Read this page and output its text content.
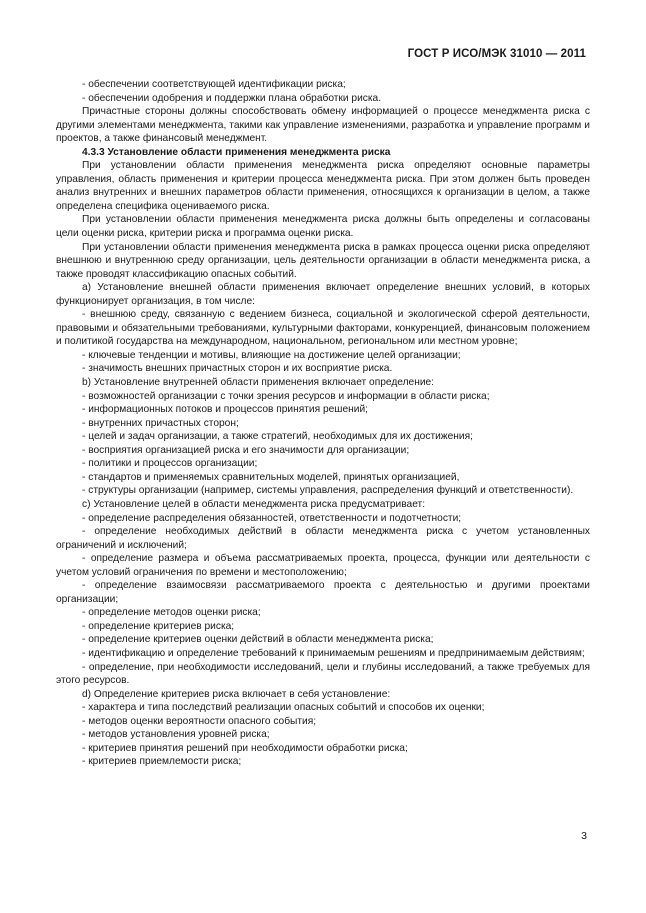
ГОСТ Р ИСО/МЭК 31010 — 2011

- обеспечении соответствующей идентификации риска;

- обеспечении одобрения и поддержки плана обработки риска.

Причастные стороны должны способствовать обмену информацией о процессе менеджмента риска с другими элементами менеджмента, такими как управление изменениями, разработка и управление программ и проектов, а также финансовый менеджмент.

4.3.3 Установление области применения менеджмента риска

При установлении области применения менеджмента риска определяют основные параметры управления, область применения и критерии процесса менеджмента риска. При этом должен быть проведен анализ внутренних и внешних параметров области применения, относящихся к организации в целом, а также определена специфика оцениваемого риска.

При установлении области применения менеджмента риска должны быть определены и согласованы цели оценки риска, критерии риска и программа оценки риска.

При установлении области применения менеджмента риска в рамках процесса оценки риска определяют внешнюю и внутреннюю среду организации, цель деятельности организации в области менеджмента риска, а также проводят классификацию опасных событий.

a) Установление внешней области применения включает определение внешних условий, в которых функционирует организация, в том числе:

- внешнюю среду, связанную с ведением бизнеса, социальной и экологической сферой деятельности, правовыми и обязательными требованиями, культурными факторами, конкуренцией, финансовым положением и политикой государства на международном, национальном, региональном или местном уровне;

- ключевые тенденции и мотивы, влияющие на достижение целей организации;

- значимость внешних причастных сторон и их восприятие риска.

b) Установление внутренней области применения включает определение:

- возможностей организации с точки зрения ресурсов и информации в области риска;

- информационных потоков и процессов принятия решений;

- внутренних причастных сторон;

- целей и задач организации, а также стратегий, необходимых для их достижения;

- восприятия организацией риска и его значимости для организации;

- политики и процессов организации;

- стандартов и применяемых сравнительных моделей, принятых организацией,

- структуры организации (например, системы управления, распределения функций и ответственности).

c) Установление целей в области менеджмента риска предусматривает:

- определение распределения обязанностей, ответственности и подотчетности;

- определение необходимых действий в области менеджмента риска с учетом установленных ограничений и исключений;

- определение размера и объема рассматриваемых проекта, процесса, функции или деятельности с учетом условий ограничения по времени и местоположению;

- определение взаимосвязи рассматриваемого проекта с деятельностью и другими проектами организации;

- определение методов оценки риска;

- определение критериев риска;

- определение критериев оценки действий в области менеджмента риска;

- идентификацию и определение требований к принимаемым решениям и предпринимаемым действиям;

- определение, при необходимости исследований, цели и глубины исследований, а также требуемых для этого ресурсов.

d) Определение критериев риска включает в себя установление:

- характера и типа последствий реализации опасных событий и способов их оценки;

- методов оценки вероятности опасного события;

- методов установления уровней риска;

- критериев принятия решений при необходимости обработки риска;

- критериев приемлемости риска;

3
